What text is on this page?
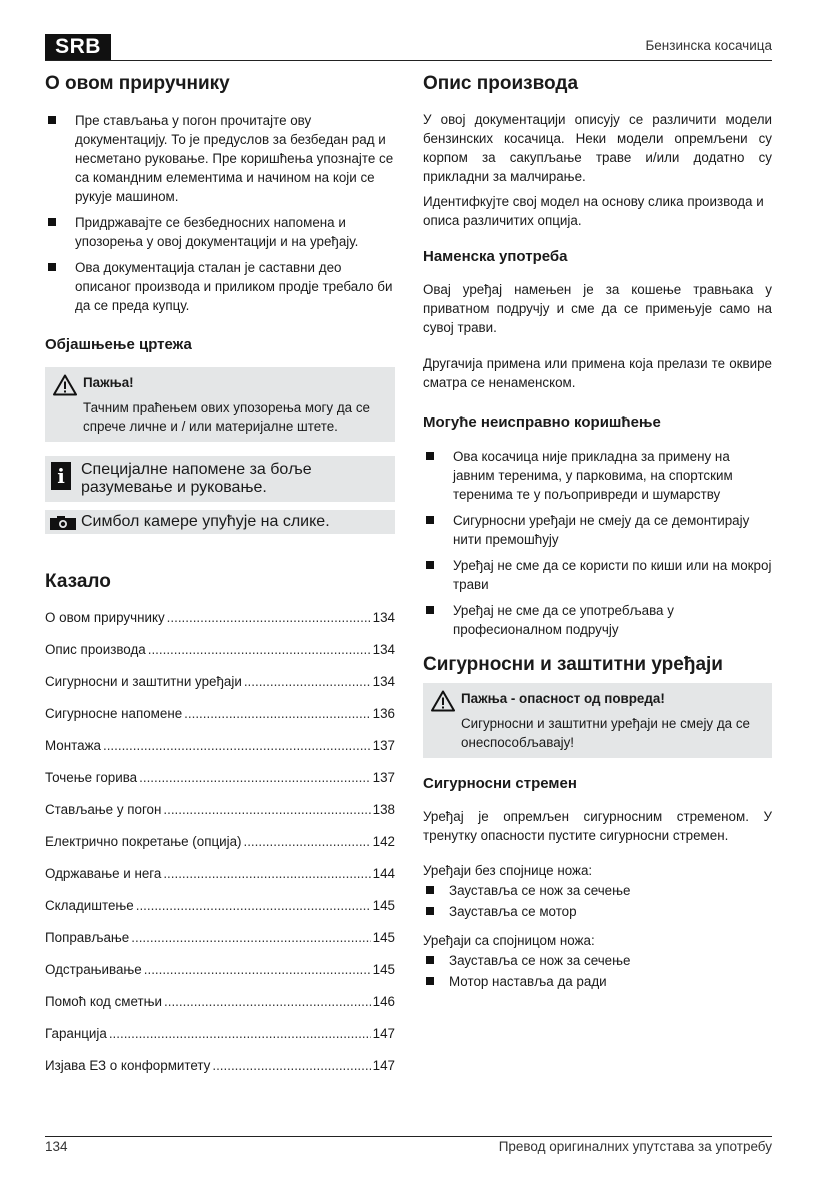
SRB	Бензинска косачица
О овом приручнику
Пре стављања у погон прочитајте ову документацију. То је предуслов за безбедан рад и несметано руковање. Пре коришћења упознајте се са командним елементима и начином на који се рукује машином.
Придржавајте се безбедносних напомена и упозорења у овој документацији и на уређају.
Ова документација сталан је саставни део описаног производа и приликом продје требало би да се преда купцу.
Објашњење цртежа
Пажња!
Тачним праћењем ових упозорења могу да се спрече личне и / или материјалне штете.
i	Специјалне напомене за боље разумевање и руковање.
Симбол камере упућује на слике.
Казало
О овом приручнику .....	134
Опис производа .....	134
Сигурносни и заштитни уређаји .....	134
Сигурносне напомене .....	136
Монтажа .....	137
Точење горива .....	137
Стављање у погон .....	138
Електрично покретање (опција) .....	142
Одржавање и нега .....	144
Складиштење .....	145
Поправљање .....	145
Одстрањивање .....	145
Помоћ код сметњи .....	146
Гаранција .....	147
Изјава ЕЗ о конформитету .....	147
Опис производа

У овој документацији описују се различити модели бензинских косачица. Неки модели опремљени су корпом за сакупљање траве и/или додатно су прикладни за малчирање.

Идентифкујте свој модел на основу слика производа и описа различитих опција.

Наменска употреба

Овај уређај намењен је за кошење травњака у приватном подручју и сме да се примењује само на сувој трави.

Другачија примена или примена која прелази те оквире сматра се ненаменском.

Могуће неисправно коришћење
Ова косачица није прикладна за примену на јавним теренима, у парковима, на спортским теренима те у пољопривреди и шумарству
Сигурносни уређаји не смеју да се демонтирају нити премошћују
Уређај не сме да се користи по киши или на мокрој трави
Уређај не сме да се употребљава у професионалном подручју
Сигурносни и заштитни уређаји
Пажња - опасност од повреда!
Сигурносни и заштитни уређаји не смеју да се онеспособљавају!
Сигурносни стремен

Уређај је опремљен сигурносним стременом. У тренутку опасности пустите сигурносни стремен.

Уређаји без спојнице ножа:

Зауставља се нож за сечење
Зауставља се мотор

Уређаји са спојницом ножа:

Зауставља се нож за сечење
Мотор наставља да ради
134	Превод оригиналних упутстава за употребу
